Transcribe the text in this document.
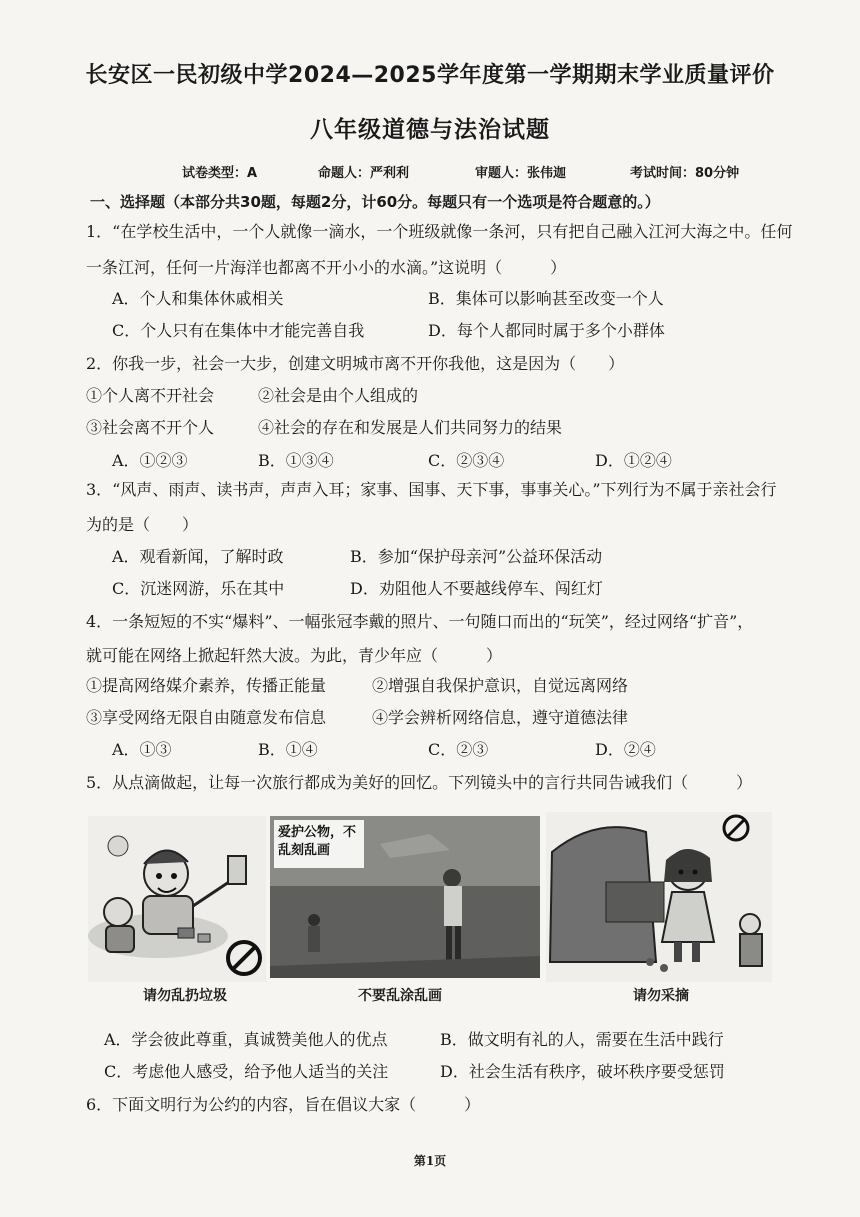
长安区一民初级中学2024—2025学年度第一学期期末学业质量评价
八年级道德与法治试题
试卷类型：A	命题人：严利利	审题人：张伟迦	考试时间：80分钟
一、选择题（本部分共30题，每题2分，计60分。每题只有一个选项是符合题意的。）
1．“在学校生活中，一个人就像一滴水，一个班级就像一条河，只有把自己融入江河大海之中。任何
一条江河，任何一片海洋也都离不开小小的水滴。”这说明（　　　）
A．个人和集体休戚相关	B．集体可以影响甚至改变一个人
C．个人只有在集体中才能完善自我	D．每个人都同时属于多个小群体
2．你我一步，社会一大步，创建文明城市离不开你我他，这是因为（　　）
①个人离不开社会	②社会是由个人组成的
③社会离不开个人	④社会的存在和发展是人们共同努力的结果
A．①②③	B．①③④	C．②③④	D．①②④
3．“风声、雨声、读书声，声声入耳；家事、国事、天下事，事事关心。”下列行为不属于亲社会行
为的是（　　）
A．观看新闻，了解时政	B．参加“保护母亲河”公益环保活动
C．沉迷网游，乐在其中	D．劝阻他人不要越线停车、闯红灯
4．一条短短的不实“爆料”、一幅张冠李戴的照片、一句随口而出的“玩笑”，经过网络“扩音”，
就可能在网络上掀起轩然大波。为此，青少年应（　　　）
①提高网络媒介素养，传播正能量	②增强自我保护意识，自觉远离网络
③享受网络无限自由随意发布信息	④学会辨析网络信息，遵守道德法律
A．①③	B．①④	C．②③	D．②④
5．从点滴做起，让每一次旅行都成为美好的回忆。下列镜头中的言行共同告诫我们（　　　）
请勿乱扔垃圾
爱护公物，不乱刻乱画
不要乱涂乱画	请勿采摘
A．学会彼此尊重，真诚赞美他人的优点	B．做文明有礼的人，需要在生活中践行
C．考虑他人感受，给予他人适当的关注	D．社会生活有秩序，破坏秩序要受惩罚
6．下面文明行为公约的内容，旨在倡议大家（　　　）
第1页
